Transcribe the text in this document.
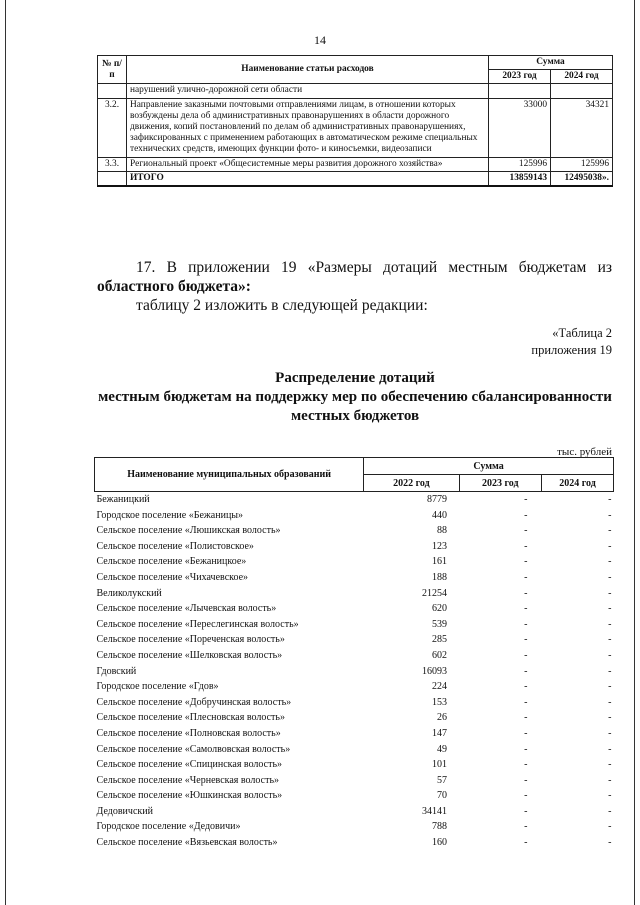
14
№ п/п	Наименование статьи расходов	Сумма	
		2023 год	2024 год
	нарушений улично-дорожной сети области		
3.2.	Направление заказными почтовыми отправлениями лицам, в отношении которых возбуждены дела об административных правонарушениях в области дорожного движения, копий постановлений по делам об административных правонарушениях, зафиксированных с применением работающих в автоматическом режиме специальных технических средств, имеющих функции фото- и киносъемки, видеозаписи	33000	34321
3.3.	Региональный проект «Общесистемные меры развития дорожного хозяйства»	125996	125996
	ИТОГО	13859143	12495038».
17. В приложении 19 «Размеры дотаций местным бюджетам из
областного бюджета»:
таблицу 2 изложить в следующей редакции:
«Таблица 2
приложения 19
Распределение дотаций
местным бюджетам на поддержку мер по обеспечению сбалансированности
местных бюджетов
тыс. рублей
Наименование муниципальных образований	Сумма		
	2022 год	2023 год	2024 год
Бежаницкий	8779	-	-
Городское поселение «Бежаницы»	440	-	-
Сельское поселение «Люшикская волость»	88	-	-
Сельское поселение «Полистовское»	123	-	-
Сельское поселение «Бежаницкое»	161	-	-
Сельское поселение «Чихачевское»	188	-	-
Великолукский	21254	-	-
Сельское поселение «Лычевская волость»	620	-	-
Сельское поселение «Переслегинская волость»	539	-	-
Сельское поселение «Пореченская волость»	285	-	-
Сельское поселение «Шелковская волость»	602	-	-
Гдовский	16093	-	-
Городское поселение «Гдов»	224	-	-
Сельское поселение «Добручинская волость»	153	-	-
Сельское поселение «Плесновская волость»	26	-	-
Сельское поселение «Полновская волость»	147	-	-
Сельское поселение «Самолвовская волость»	49	-	-
Сельское поселение «Спицинская волость»	101	-	-
Сельское поселение «Черневская волость»	57	-	-
Сельское поселение «Юшкинская волость»	70	-	-
Дедовичский	34141	-	-
Городское поселение «Дедовичи»	788	-	-
Сельское поселение «Вязьевская волость»	160	-	-
